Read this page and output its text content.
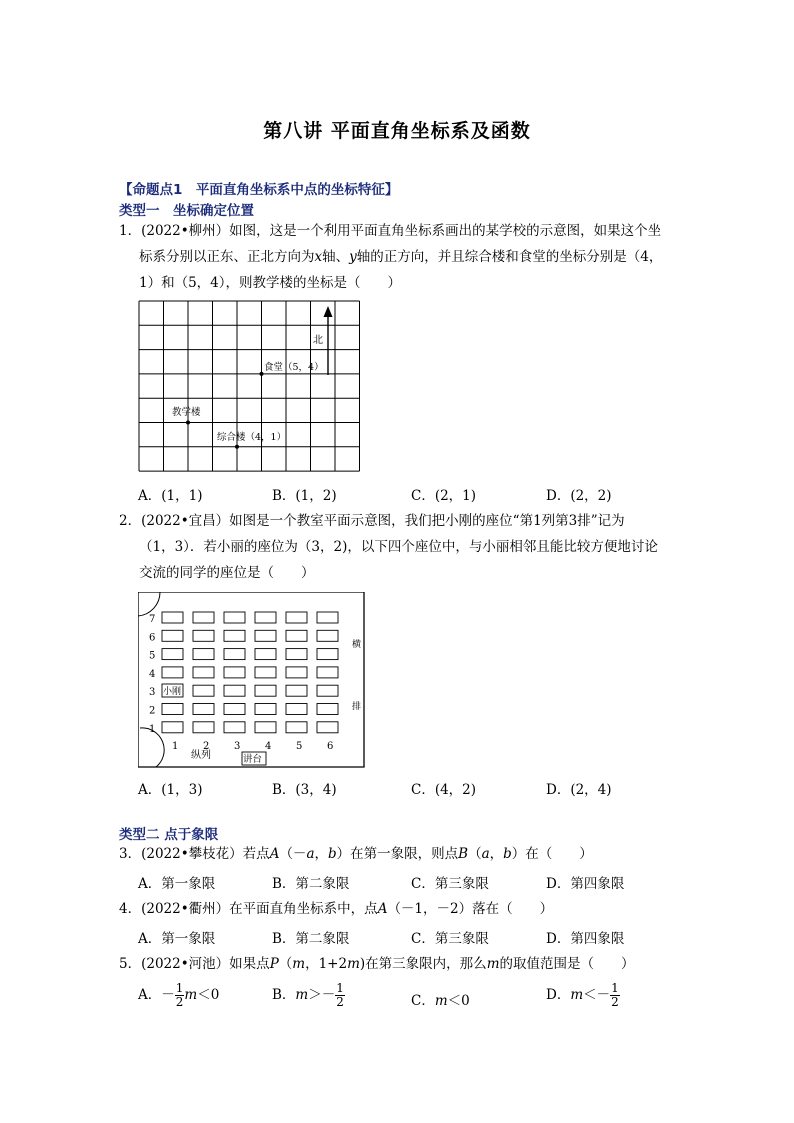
第八讲 平面直角坐标系及函数
【命题点1　平面直角坐标系中点的坐标特征】
类型一　坐标确定位置
1．(2022•柳州）如图，这是一个利用平面直角坐标系画出的某学校的示意图，如果这个坐
标系分别以正东、正北方向为x轴、y轴的正方向，并且综合楼和食堂的坐标分别是（4，
1）和（5，4），则教学楼的坐标是（　　）
北
食堂（5，4）
教学楼
综合楼（4，1）
A．(1，1)	B．(1，2)	C．(2，1)	D．(2，2)
2．(2022•宜昌）如图是一个教室平面示意图，我们把小刚的座位“第1列第3排”记为
（1，3）．若小丽的座位为（3，2)，以下四个座位中，与小丽相邻且能比较方便地讨论
交流的同学的座位是（　　）
7
6
5
4
3
2
1
1 2 3 4 5 6
小刚
横
排
纵列	讲台
A．(1，3)	B．(3，4)	C．(4，2)	D．(2，4)
类型二 点于象限
3．(2022•攀枝花）若点A（－a，b）在第一象限，则点B（a，b）在（　　）
A．第一象限	B．第二象限	C．第三象限	D．第四象限
4．(2022•衢州）在平面直角坐标系中，点A（－1，－2）落在（　　）
A．第一象限	B．第二象限	C．第三象限	D．第四象限
5．(2022•河池）如果点P（m，1+2m)在第三象限内，那么m的取值范围是（　　）
A．－ $\frac{1}{2} m<0$	B．$m>- \frac{1}{2}$	C．m＜0	D．$m<- \frac{1}{2}$
